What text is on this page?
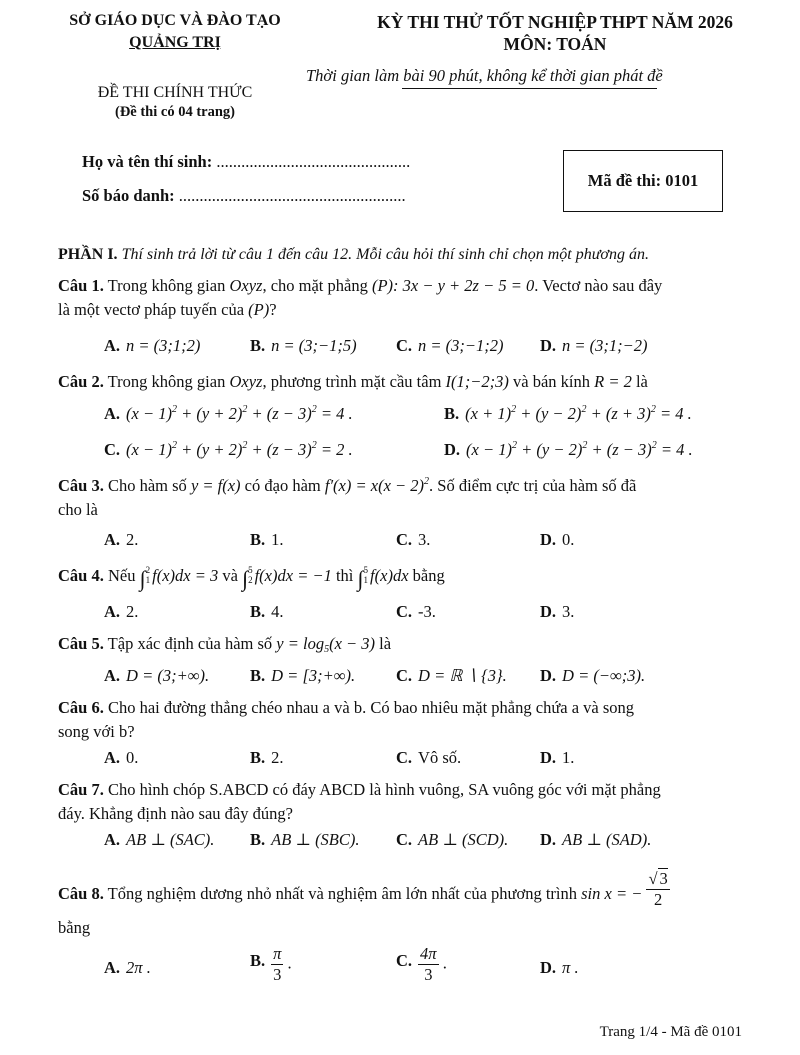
SỞ GIÁO DỤC VÀ ĐÀO TẠO
QUẢNG TRỊ
KỲ THI THỬ TỐT NGHIỆP THPT NĂM 2026
MÔN: TOÁN
Thời gian làm bài 90 phút, không kể thời gian phát đề
ĐỀ THI CHÍNH THỨC
(Đề thi có 04 trang)
Họ và tên thí sinh: ...............................................
Số báo danh: .......................................................
Mã đề thi: 0101
PHẦN I. Thí sinh trả lời từ câu 1 đến câu 12. Mỗi câu hỏi thí sinh chỉ chọn một phương án.
Câu 1. Trong không gian Oxyz, cho mặt phẳng (P): 3x − y + 2z − 5 = 0. Vectơ nào sau đây
là một vectơ pháp tuyến của (P)?
A. n = (3;1;2)	B. n = (3;−1;5) C. n = (3;−1;2) D. n = (3;1;−2)
Câu 2. Trong không gian Oxyz, phương trình mặt cầu tâm I(1;−2;3) và bán kính R = 2 là
A. $(x - 1)^2 + (y + 2)^2 + (z - 3)^2 = 4$ .	B. $(x + 1)^2 + (y - 2)^2 + (z + 3)^2 = 4$ .
C. $(x - 1)^2 + (y + 2)^2 + (z - 3)^2 = 2$ .	D. $(x - 1)^2 + (y - 2)^2 + (z - 3)^2 = 4$ .
Câu 3. Cho hàm số y = f(x) có đạo hàm $f'(x) = x(x - 2)^2$. Số điểm cực trị của hàm số đã
cho là
A. 2.	B. 1.	C. 3.	D. 0.
Câu 4. Nếu ∫ 2
1 f(x)dx = 3 và ∫ 5
2 f(x)dx = −1 thì ∫ 5
1 f(x)dx bằng
A. 2.	B. 4.	C. -3.	D. 3.
Câu 5. Tập xác định của hàm số $y = \log_5(x - 3)$ là
A. D = (3;+∞). B. D = [3;+∞). C. D = ℝ ∖ {3}. D. D = (−∞;3).
Câu 6. Cho hai đường thẳng chéo nhau a và b. Có bao nhiêu mặt phẳng chứa a và song
song với b?
A. 0.	B. 2.	C. Vô số.	D. 1.
Câu 7. Cho hình chóp S.ABCD có đáy ABCD là hình vuông, SA vuông góc với mặt phẳng
đáy. Khẳng định nào sau đây đúng?
A. AB ⊥ (SAC). B. AB ⊥ (SBC). C. AB ⊥ (SCD). D. AB ⊥ (SAD).
Câu 8. Tổng nghiệm dương nhỏ nhất và nghiệm âm lớn nhất của phương trình sin x = − $\frac{√ 3}{2}$
bằng
A. 2π .	B. $\frac{\pi}{3}$ .	C. $\frac{4\pi}{3}$ .	D. π .
Trang 1/4 - Mã đề 0101
